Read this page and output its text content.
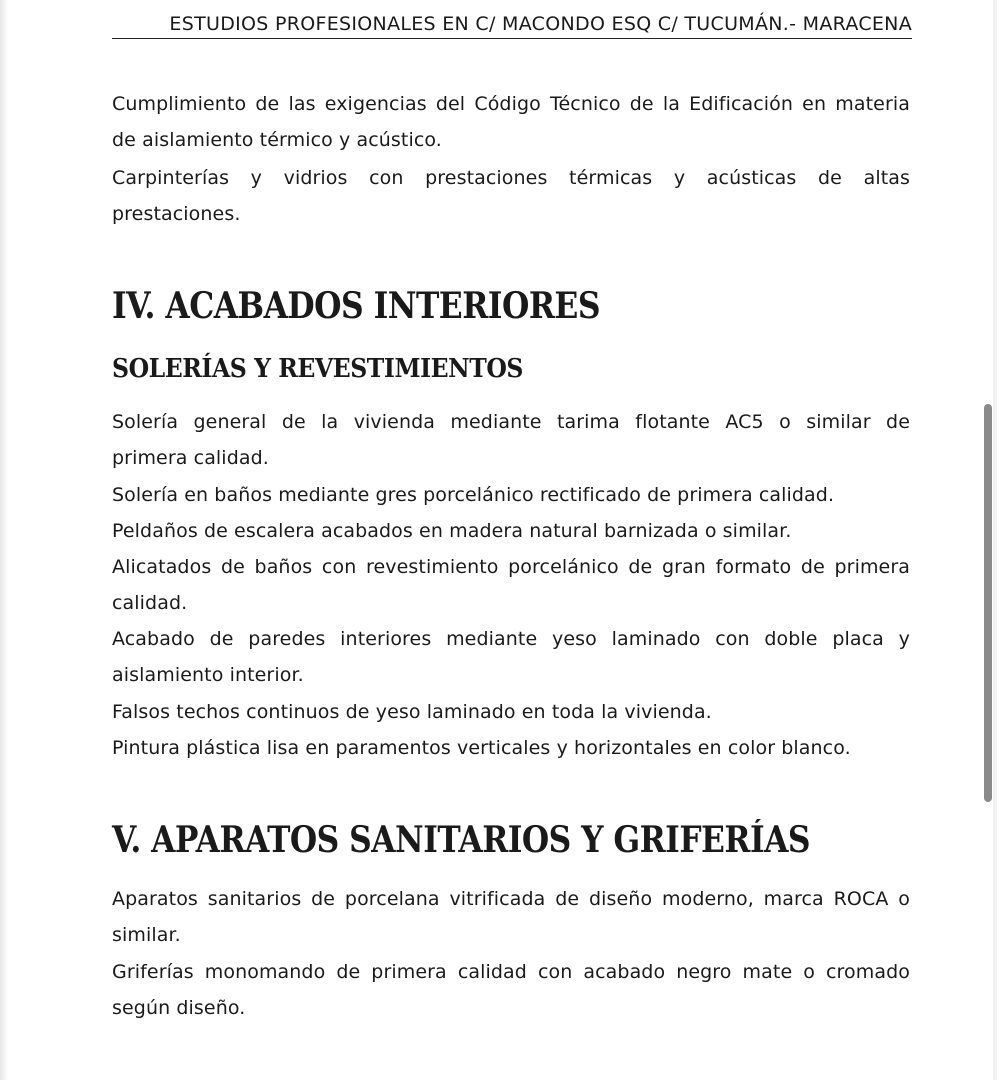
ESTUDIOS PROFESIONALES EN C/ MACONDO ESQ C/ TUCUMÁN.- MARACENA
Cumplimiento de las exigencias del Código Técnico de la Edificación en materia
de aislamiento térmico y acústico.
Carpinterías y vidrios con prestaciones térmicas y acústicas de altas
prestaciones.
IV. ACABADOS INTERIORES
SOLERÍAS Y REVESTIMIENTOS
Solería general de la vivienda mediante tarima flotante AC5 o similar de
primera calidad.
Solería en baños mediante gres porcelánico rectificado de primera calidad.
Peldaños de escalera acabados en madera natural barnizada o similar.
Alicatados de baños con revestimiento porcelánico de gran formato de primera
calidad.
Acabado de paredes interiores mediante yeso laminado con doble placa y
aislamiento interior.
Falsos techos continuos de yeso laminado en toda la vivienda.
Pintura plástica lisa en paramentos verticales y horizontales en color blanco.
V. APARATOS SANITARIOS Y GRIFERÍAS
Aparatos sanitarios de porcelana vitrificada de diseño moderno, marca ROCA o
similar.
Griferías monomando de primera calidad con acabado negro mate o cromado
según diseño.
